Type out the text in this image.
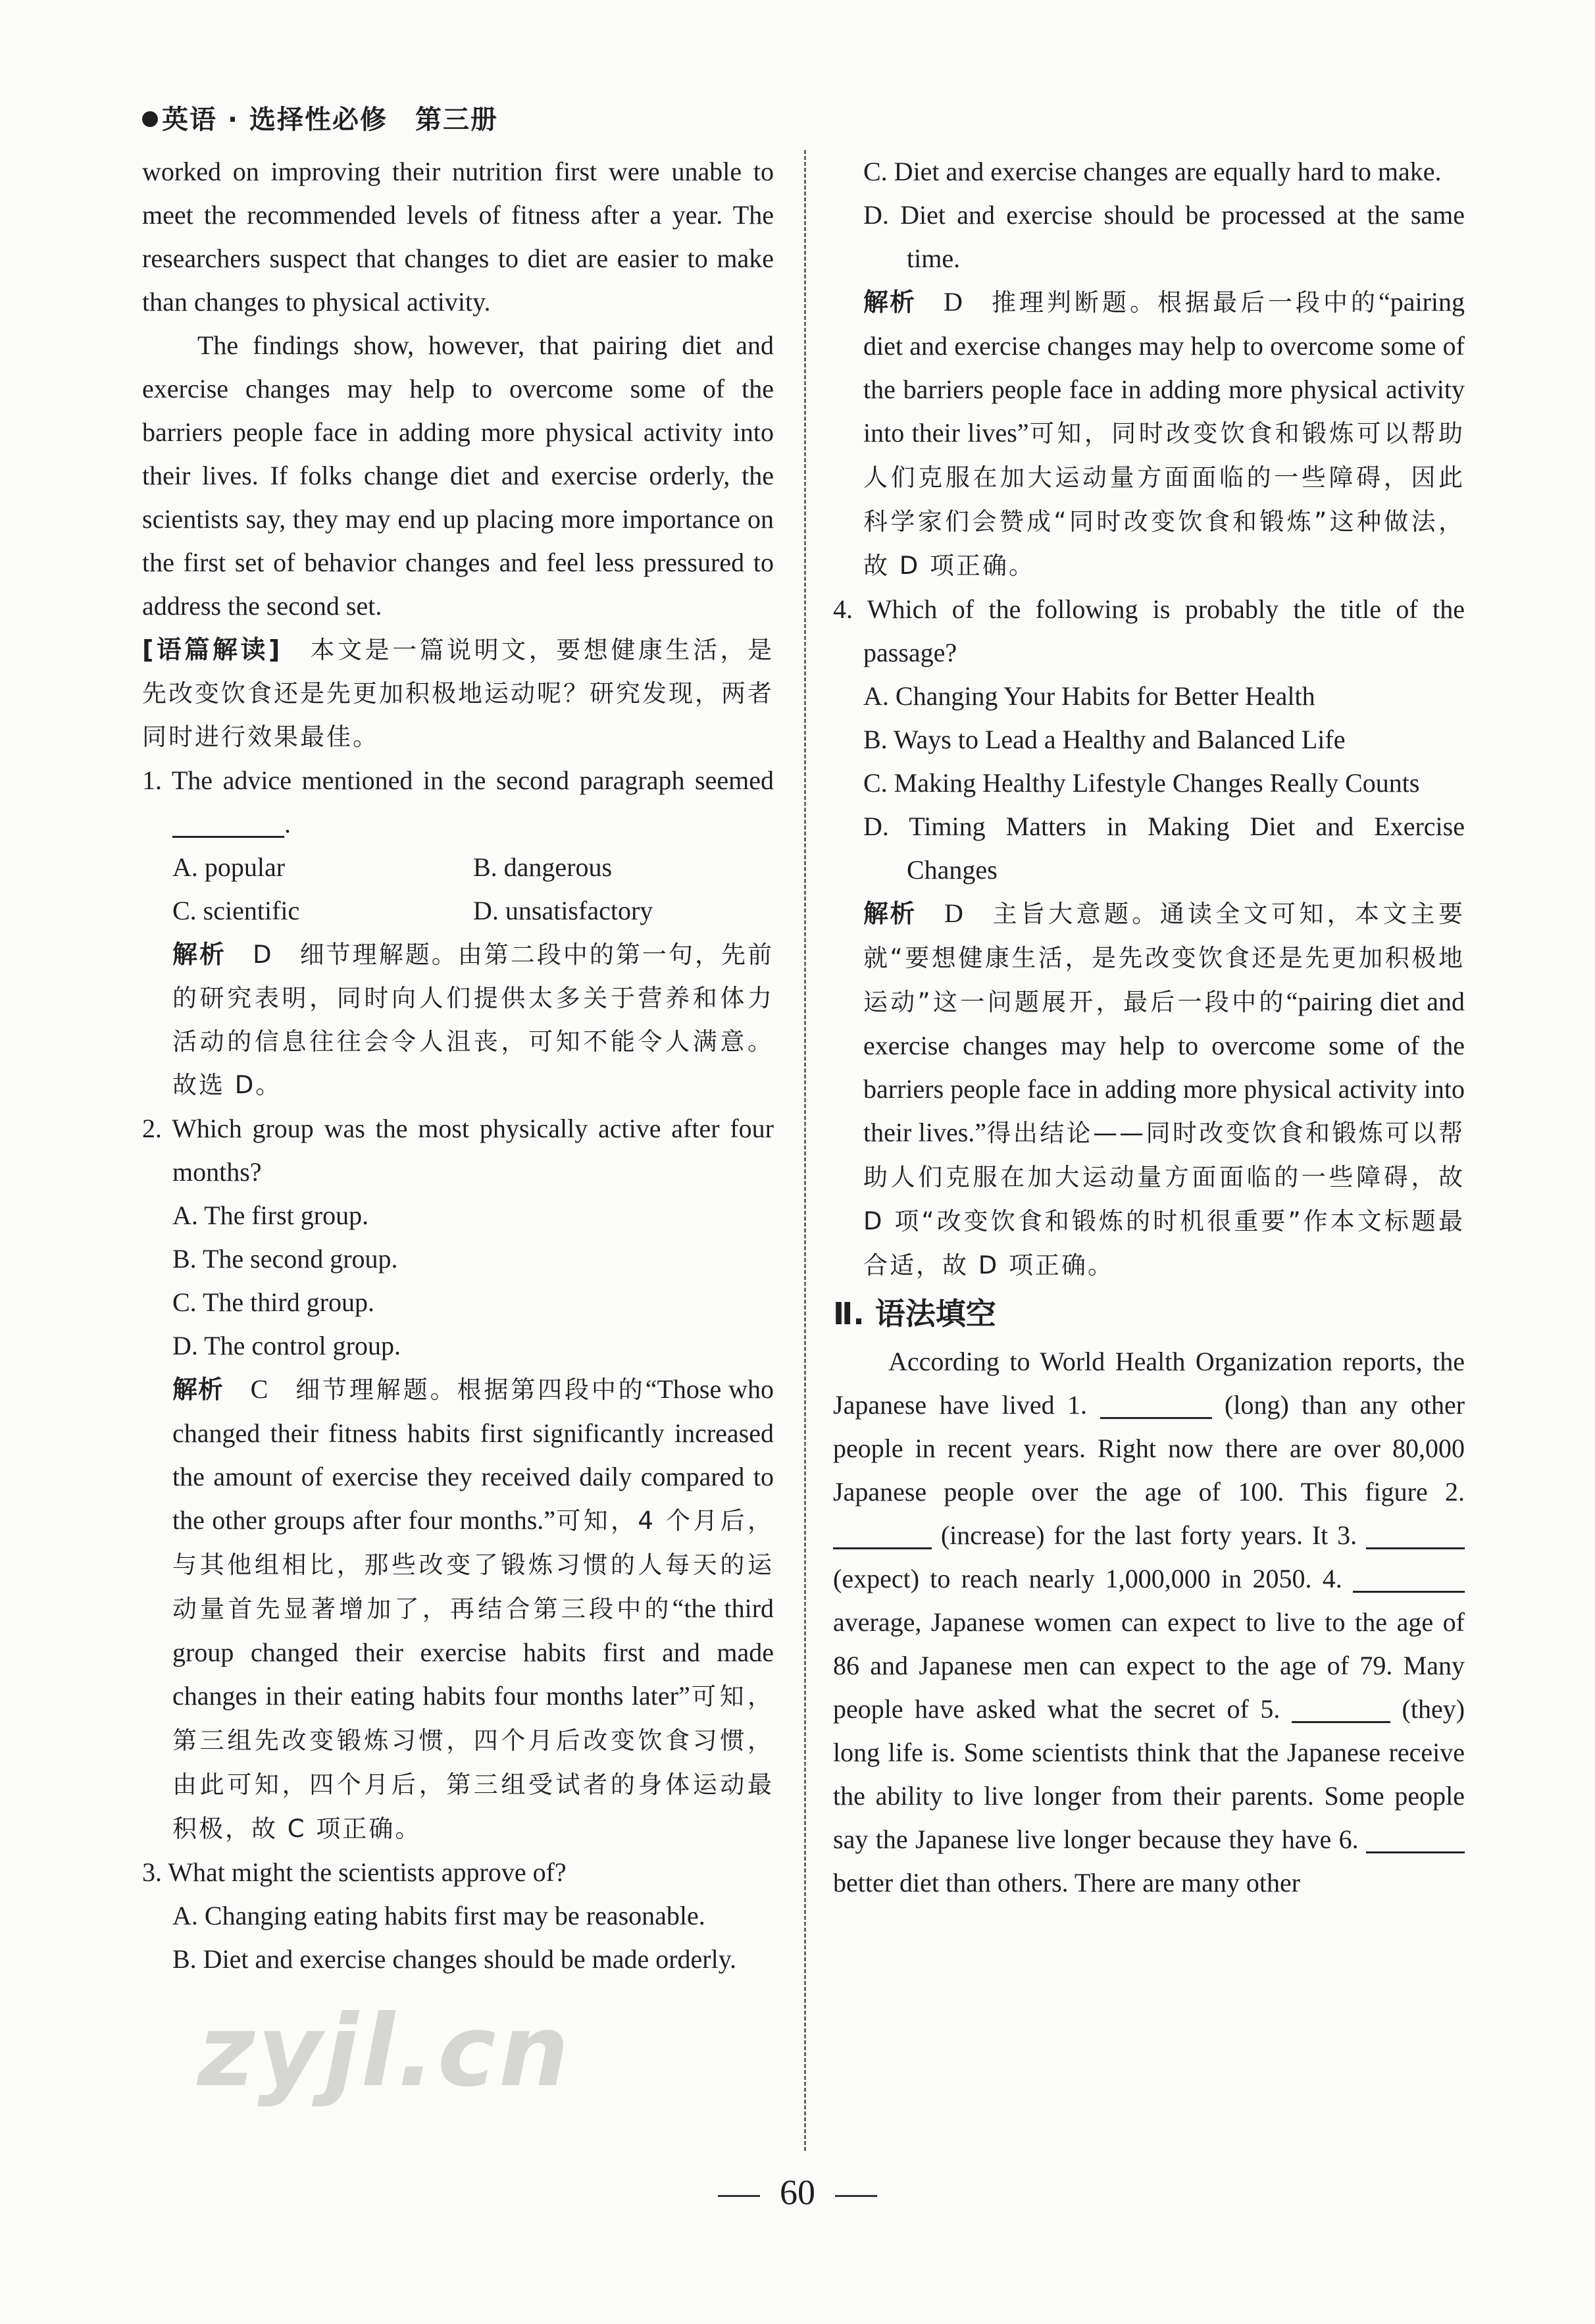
英语 · 选择性必修　第三册

worked on improving their nutrition first were unable to meet the recommended levels of fitness after a year. The researchers suspect that changes to diet are easier to make than changes to physical activity.

The findings show, however, that pairing diet and exercise changes may help to overcome some of the barriers people face in adding more physical activity into their lives. If folks change diet and exercise orderly, the scientists say, they may end up placing more importance on the first set of behavior changes and feel less pressured to address the second set.

[语篇解读]　 本文是一篇说明文，要想健康生活，是先改变饮食还是先更加积极地运动呢？研究发现，两者同时进行效果最佳。

1. The advice mentioned in the second paragraph seemed .

A. popular	B. dangerous

C. scientific	D. unsatisfactory

解析　 D　 细节理解题。由第二段中的第一句，先前的研究表明，同时向人们提供太多关于营养和体力活动的信息往往会令人沮丧，可知不能令人满意。故选 D。

2. Which group was the most physically active after four months?

A. The first group.

B. The second group.

C. The third group.

D. The control group.

解析　 C　 细节理解题。根据第四段中的“Those who changed their fitness habits first significantly increased the amount of exercise they received daily compared to the other groups after four months.”可知，4 个月后，与其他组相比，那些改变了锻炼习惯的人每天的运动量首先显著增加了，再结合第三段中的“the third group changed their exercise habits first and made changes in their eating habits four months later”可知，第三组先改变锻炼习惯，四个月后改变饮食习惯，由此可知，四个月后，第三组受试者的身体运动最积极，故 C 项正确。

3. What might the scientists approve of?

A. Changing eating habits first may be reasonable.

B. Diet and exercise changes should be made orderly.

C. Diet and exercise changes are equally hard to make.

D. Diet and exercise should be processed at the same time.

解析　 D　 推理判断题。根据最后一段中的“pairing diet and exercise changes may help to overcome some of the barriers people face in adding more physical activity into their lives”可知，同时改变饮食和锻炼可以帮助人们克服在加大运动量方面面临的一些障碍，因此科学家们会赞成“同时改变饮食和锻炼”这种做法，故 D 项正确。

4. Which of the following is probably the title of the passage?

A. Changing Your Habits for Better Health

B. Ways to Lead a Healthy and Balanced Life

C. Making Healthy Lifestyle Changes Really Counts

D. Timing Matters in Making Diet and Exercise Changes

解析　 D　 主旨大意题。通读全文可知，本文主要就“要想健康生活，是先改变饮食还是先更加积极地运动”这一问题展开，最后一段中的“pairing diet and exercise changes may help to overcome some of the barriers people face in adding more physical activity into their lives.”得出结论——同时改变饮食和锻炼可以帮助人们克服在加大运动量方面面临的一些障碍，故 D 项“改变饮食和锻炼的时机很重要”作本文标题最合适，故 D 项正确。

Ⅱ. 语法填空

According to World Health Organization reports, the Japanese have lived 1.	(long) than any other people in recent years. Right now there are over 80,000 Japanese people over the age of 100. This figure 2.  (increase) for the last forty years. It 3.  (expect) to reach nearly 1,000,000 in 2050. 4.  average, Japanese women can expect to live to the age of 86 and Japanese men can expect to the age of 79. Many people have asked what the secret of 5.	(they) long life is. Some scientists think that the Japanese receive the ability to live longer from their parents. Some people say the Japanese live longer because they have 6.  better diet than others. There are many other

60
zyjl.cn
